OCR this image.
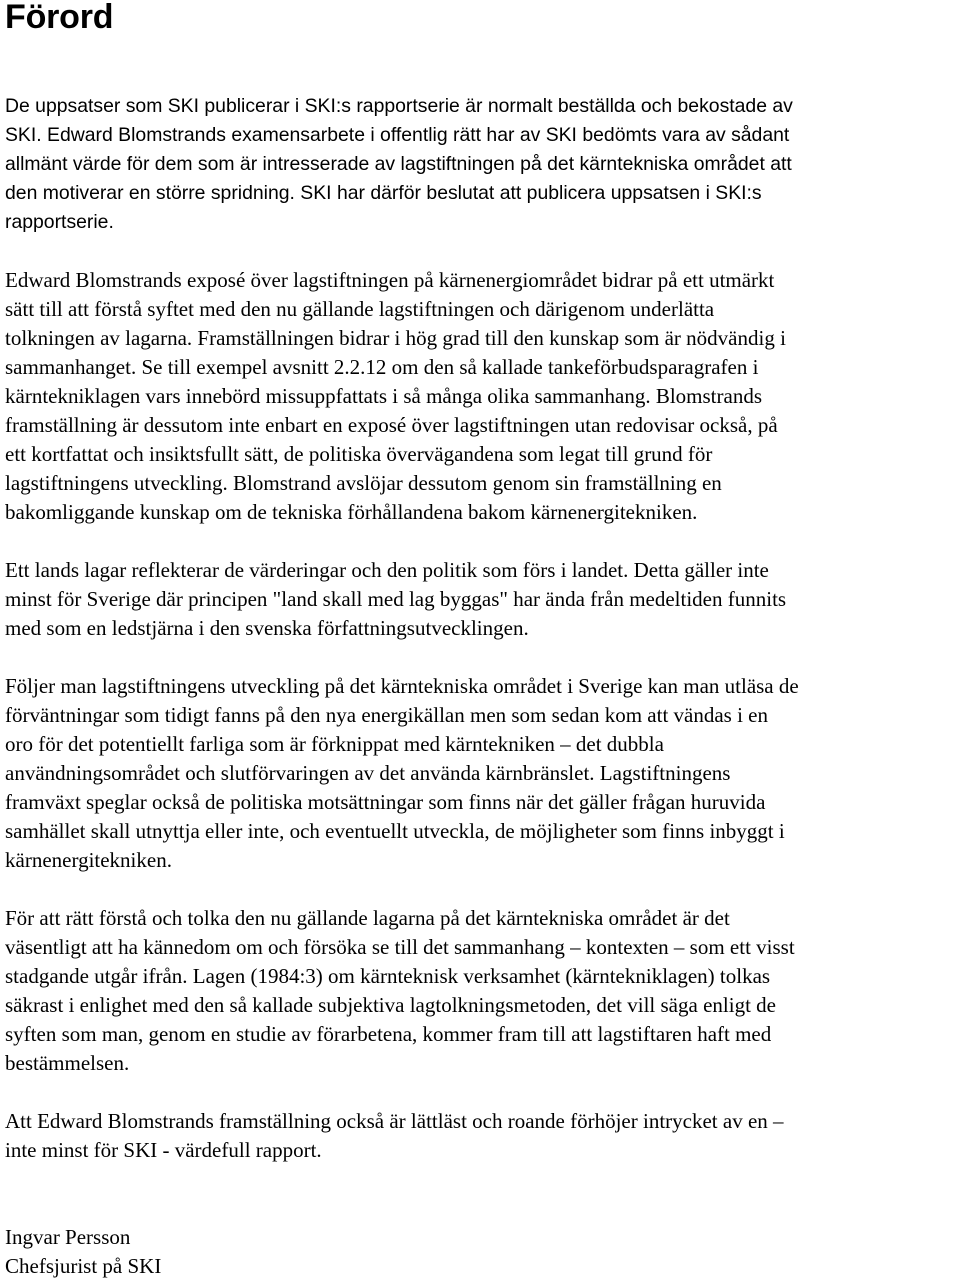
Förord

De uppsatser som SKI publicerar i SKI:s rapportserie är normalt beställda och bekostade av
SKI. Edward Blomstrands examensarbete i offentlig rätt har av SKI bedömts vara av sådant
allmänt värde för dem som är intresserade av lagstiftningen på det kärntekniska området att
den motiverar en större spridning. SKI har därför beslutat att publicera uppsatsen i SKI:s
rapportserie.

Edward Blomstrands exposé över lagstiftningen på kärnenergiområdet bidrar på ett utmärkt
sätt till att förstå syftet med den nu gällande lagstiftningen och därigenom underlätta
tolkningen av lagarna. Framställningen bidrar i hög grad till den kunskap som är nödvändig i
sammanhanget. Se till exempel avsnitt 2.2.12 om den så kallade tankeförbudsparagrafen i
kärntekniklagen vars innebörd missuppfattats i så många olika sammanhang. Blomstrands
framställning är dessutom inte enbart en exposé över lagstiftningen utan redovisar också, på
ett kortfattat och insiktsfullt sätt, de politiska övervägandena som legat till grund för
lagstiftningens utveckling. Blomstrand avslöjar dessutom genom sin framställning en
bakomliggande kunskap om de tekniska förhållandena bakom kärnenergitekniken.

Ett lands lagar reflekterar de värderingar och den politik som förs i landet. Detta gäller inte
minst för Sverige där principen "land skall med lag byggas" har ända från medeltiden funnits
med som en ledstjärna i den svenska författningsutvecklingen.

Följer man lagstiftningens utveckling på det kärntekniska området i Sverige kan man utläsa de
förväntningar som tidigt fanns på den nya energikällan men som sedan kom att vändas i en
oro för det potentiellt farliga som är förknippat med kärntekniken – det dubbla
användningsområdet och slutförvaringen av det använda kärnbränslet. Lagstiftningens
framväxt speglar också de politiska motsättningar som finns när det gäller frågan huruvida
samhället skall utnyttja eller inte, och eventuellt utveckla, de möjligheter som finns inbyggt i
kärnenergitekniken.

För att rätt förstå och tolka den nu gällande lagarna på det kärntekniska området är det
väsentligt att ha kännedom om och försöka se till det sammanhang – kontexten – som ett visst
stadgande utgår ifrån. Lagen (1984:3) om kärnteknisk verksamhet (kärntekniklagen) tolkas
säkrast i enlighet med den så kallade subjektiva lagtolkningsmetoden, det vill säga enligt de
syften som man, genom en studie av förarbetena, kommer fram till att lagstiftaren haft med
bestämmelsen.

Att Edward Blomstrands framställning också är lättläst och roande förhöjer intrycket av en –
inte minst för SKI - värdefull rapport.

Ingvar Persson
Chefsjurist på SKI
